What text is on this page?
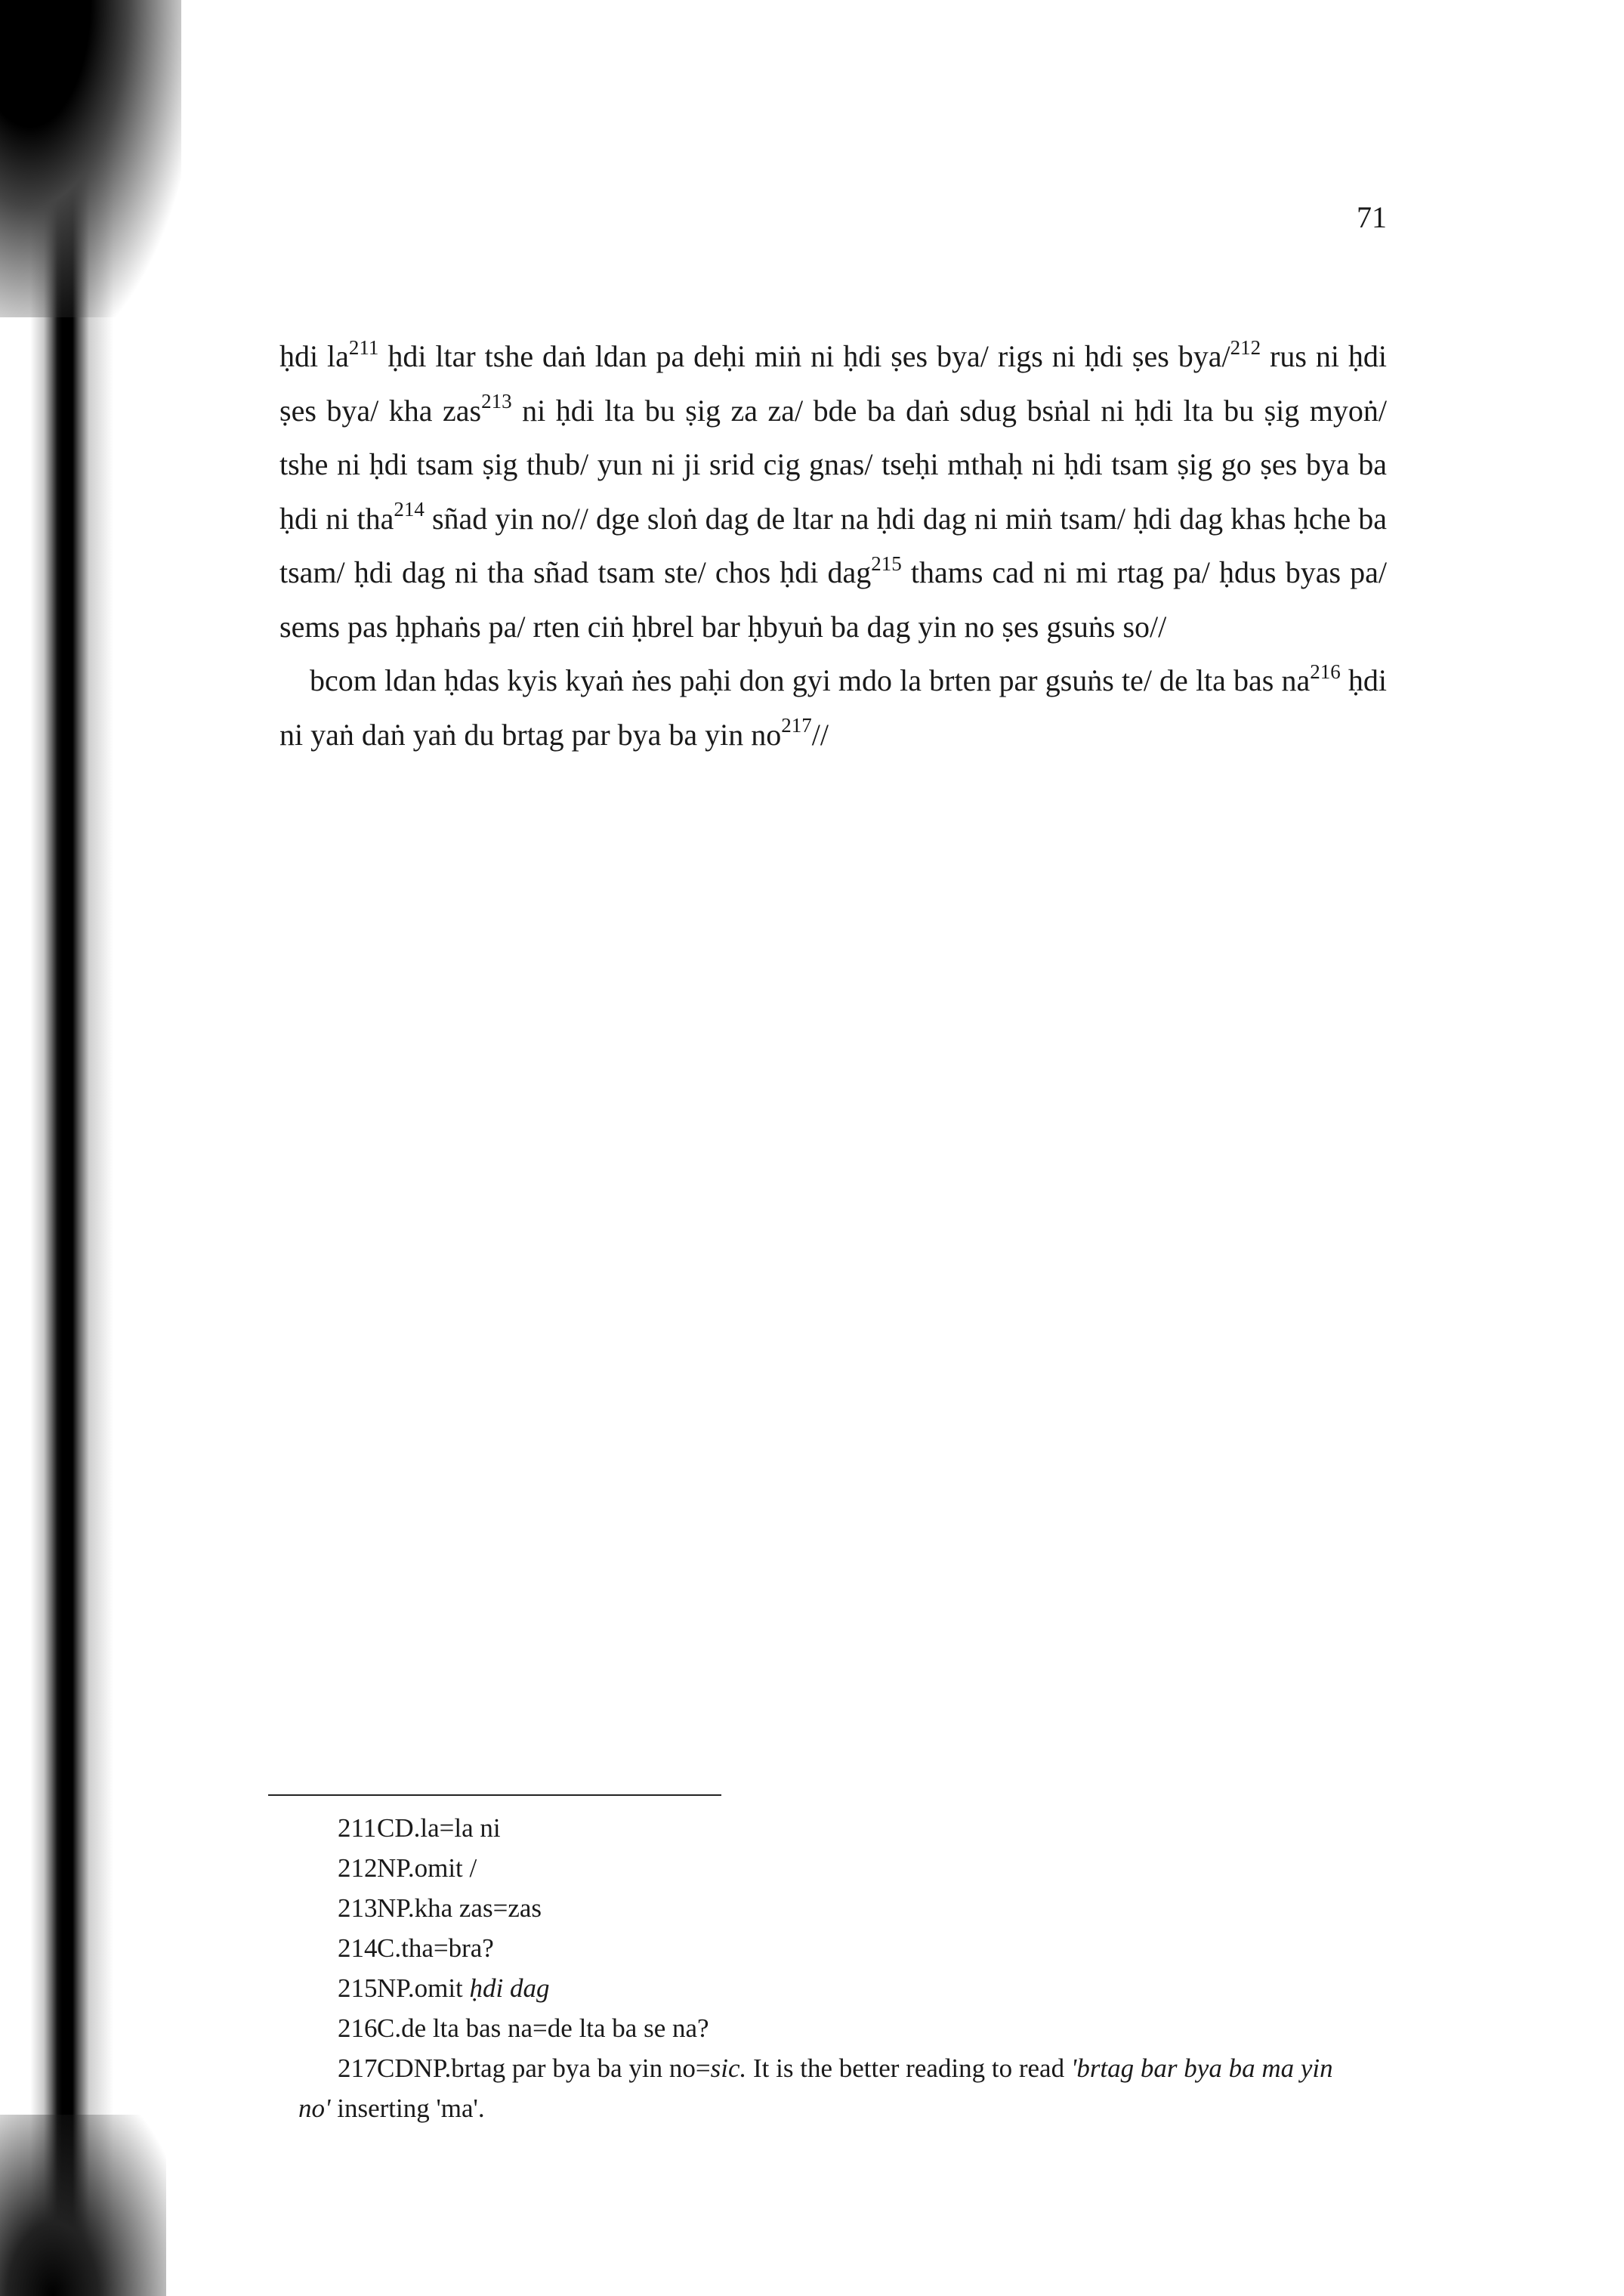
71

ḥdi $la^{211}$ ḥdi ltar tshe daṅ ldan pa deḥi miṅ ni ḥdi ṣes bya/ rigs ni ḥdi ṣes bya/$^{212}$ rus ni ḥdi ṣes bya/ kha zas$^{213}$ ni ḥdi lta bu ṣig za za/ bde ba daṅ sdug bsṅal ni ḥdi lta bu ṣig myoṅ/ tshe ni ḥdi tsam ṣig thub/ yun ni ji srid cig gnas/ tseḥi mthaḥ ni ḥdi tsam ṣig go ṣes bya ba ḥdi ni tha$^{214}$ sñad yin no// dge sloṅ dag de ltar na ḥdi dag ni miṅ tsam/ ḥdi dag khas ḥche ba tsam/ ḥdi dag ni tha sñad tsam ste/ chos ḥdi dag$^{215}$ thams cad ni mi rtag pa/ ḥdus byas pa/ sems pas ḥphaṅs pa/ rten ciṅ ḥbrel bar ḥbyuṅ ba dag yin no ṣes gsuṅs so//

bcom ldan ḥdas kyis kyaṅ ṅes paḥi don gyi mdo la brten par gsuṅs te/ de lta bas $na^{216}$ ḥdi ni yaṅ daṅ yaṅ du brtag par bya ba yin $no^{217}//$

211CD.la=la ni
212NP.omit /
213NP.kha zas=zas
214C.tha=bra?
215NP.omit ḥdi dag
216C.de lta bas na=de lta ba se na?
217CDNP.brtag par bya ba yin no=sic. It is the better reading to read 'brtag bar bya ba ma yin no' inserting 'ma'.
